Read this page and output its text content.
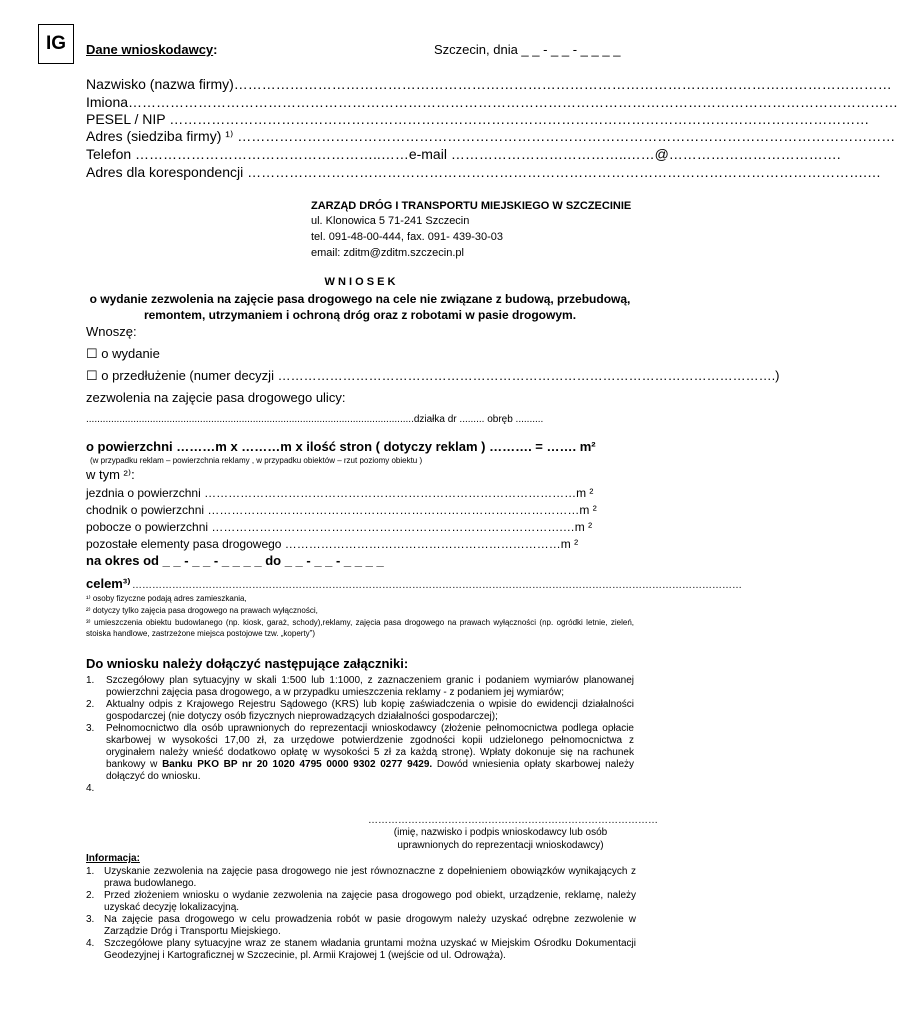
IG	Dane wnioskodawcy:	Szczecin, dnia _ _ - _ _ - _ _ _ _
Nazwisko (nazwa firmy)……………………………………………………………………………………………………………………………
Imiona…………………………………………………………………………………………………………………………………………………
PESEL / NIP ……………………………………………………………………………………………………………………………………
Adres (siedziba firmy) ¹⁾ ……………………………………………………………………………………………………………………………
Telefon ……………………………………………..……e-mail ………………………………..……@……………………………….
Adres dla korespondencji …………………………………………………………………………………………………………………….…
ZARZĄD DRÓG I TRANSPORTU MIEJSKIEGO W SZCZECINIE
ul. Klonowica 5 71-241 Szczecin
tel. 091-48-00-444, fax. 091- 439-30-03
email: zditm@zditm.szczecin.pl
W N I O S E K
o wydanie zezwolenia na zajęcie pasa drogowego na cele nie związane z budową, przebudową,
remontem, utrzymaniem i ochroną dróg oraz z robotami w pasie drogowym.
Wnoszę:
☐ o wydanie
☐ o przedłużenie (numer decyzji …………………………………………………………………………………………………….)
zezwolenia na zajęcie pasa drogowego ulicy:
......................................................................................................................działka dr ......... obręb ..........
o powierzchni ………m x ………m x ilość stron ( dotyczy reklam ) ………. = ……. m²
(w przypadku reklam – powierzchnia reklamy , w przypadku obiektów – rzut poziomy obiektu )
w tym ²⁾:
jezdnia o powierzchni …………………………………………………………………………………m ²
chodnik o powierzchni …………………………………………………………………………………m ²
pobocze o powierzchni …………………………………………………………………………….…m ²
pozostałe elementy pasa drogowego ……………………………………………………………m ²
na okres od _ _ - _ _ - _ _ _ _ do _ _ - _ _ - _ _ _ _
celem³⁾ …………………………………………………………………………………………………………………………………………………………………
¹⁾ osoby fizyczne podają adres zamieszkania,
²⁾ dotyczy tylko zajęcia pasa drogowego na prawach wyłączności,
³⁾ umieszczenia obiektu budowlanego (np. kiosk, garaż, schody),reklamy, zajęcia pasa drogowego na prawach wyłączności (np. ogródki letnie, zieleń, stoiska handlowe, zastrzeżone miejsca postojowe tzw. „koperty”)
Do wniosku należy dołączyć następujące załączniki:
1. Szczegółowy plan sytuacyjny w skali 1:500 lub 1:1000, z zaznaczeniem granic i podaniem wymiarów planowanej powierzchni zajęcia pasa drogowego, a w przypadku umieszczenia reklamy - z podaniem jej wymiarów;
2. Aktualny odpis z Krajowego Rejestru Sądowego (KRS) lub kopię zaświadczenia o wpisie do ewidencji działalności gospodarczej (nie dotyczy osób fizycznych nieprowadzących działalności gospodarczej);
3. Pełnomocnictwo dla osób uprawnionych do reprezentacji wnioskodawcy (złożenie pełnomocnictwa podlega opłacie skarbowej w wysokości 17,00 zł, za urzędowe potwierdzenie zgodności kopii udzielonego pełnomocnictwa z oryginałem należy wnieść dodatkowo opłatę w wysokości 5 zł za każdą stronę). Wpłaty dokonuje się na rachunek bankowy w Banku PKO BP nr 20 1020 4795 0000 9302 0277 9429. Dowód wniesienia opłaty skarbowej należy dołączyć do wniosku.
4.
……………………………………………………………………………
(imię, nazwisko i podpis wnioskodawcy lub osób
uprawnionych do reprezentacji wnioskodawcy)
Informacja:
1. Uzyskanie zezwolenia na zajęcie pasa drogowego nie jest równoznaczne z dopełnieniem obowiązków wynikających z prawa budowlanego.
2. Przed złożeniem wniosku o wydanie zezwolenia na zajęcie pasa drogowego pod obiekt, urządzenie, reklamę, należy uzyskać decyzję lokalizacyjną.
3. Na zajęcie pasa drogowego w celu prowadzenia robót w pasie drogowym należy uzyskać odrębne zezwolenie w Zarządzie Dróg i Transportu Miejskiego.
4. Szczegółowe plany sytuacyjne wraz ze stanem władania gruntami można uzyskać w Miejskim Ośrodku Dokumentacji Geodezyjnej i Kartograficznej w Szczecinie, pl. Armii Krajowej 1 (wejście od ul. Odrowąża).
